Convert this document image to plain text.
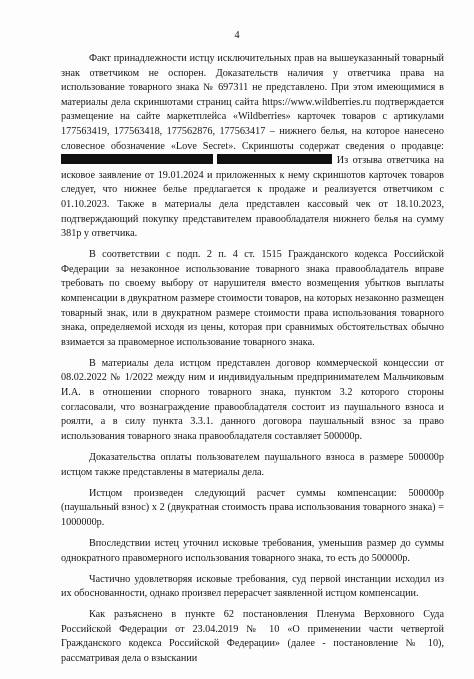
4

Факт принадлежности истцу исключительных прав на вышеуказанный товарный знак ответчиком не оспорен. Доказательств наличия у ответчика права на использование товарного знака № 697311 не представлено. При этом имеющимися в материалы дела скриншотами страниц сайта https://www.wildberries.ru подтверждается размещение на сайте маркетплейса «Wildberries» карточек товаров с артикулами 177563419, 177563418, 177562876, 177563417 – нижнего белья, на которое нанесено словесное обозначение «Love Secret». Скриншоты содержат сведения о продавце:   Из отзыва ответчика на исковое заявление от 19.01.2024 и приложенных к нему скриншотов карточек товаров следует, что нижнее белье предлагается к продаже и реализуется ответчиком с 01.10.2023. Также в материалы дела представлен кассовый чек от 18.10.2023, подтверждающий покупку представителем правообладателя нижнего белья на сумму 381р у ответчика.

В соответствии с подп. 2 п. 4 ст. 1515 Гражданского кодекса Российской Федерации за незаконное использование товарного знака правообладатель вправе требовать по своему выбору от нарушителя вместо возмещения убытков выплаты компенсации в двукратном размере стоимости товаров, на которых незаконно размещен товарный знак, или в двукратном размере стоимости права использования товарного знака, определяемой исходя из цены, которая при сравнимых обстоятельствах обычно взимается за правомерное использование товарного знака.

В материалы дела истцом представлен договор коммерческой концессии от 08.02.2022 № 1/2022 между ним и индивидуальным предпринимателем Мальчиковым И.А. в отношении спорного товарного знака, пунктом 3.2 которого стороны согласовали, что вознаграждение правообладателя состоит из паушального взноса и роялти, а в силу пункта 3.3.1. данного договора паушальный взнос за право использования товарного знака правообладателя составляет 500000р.

Доказательства оплаты пользователем паушального взноса в размере 500000р истцом также представлены в материалы дела.

Истцом произведен следующий расчет суммы компенсации: 500000р (паушальный взнос) x 2 (двукратная стоимость права использования товарного знака) = 1000000р.

Впоследствии истец уточнил исковые требования, уменьшив размер до суммы однократного правомерного использования товарного знака, то есть до 500000р.

Частично удовлетворяя исковые требования, суд первой инстанции исходил из их обоснованности, однако произвел перерасчет заявленной истцом компенсации.

Как разъяснено в пункте 62 постановления Пленума Верховного Суда Российской Федерации от 23.04.2019 № 10 «О применении части четвертой Гражданского кодекса Российской Федерации» (далее - постановление № 10), рассматривая дела о взыскании
